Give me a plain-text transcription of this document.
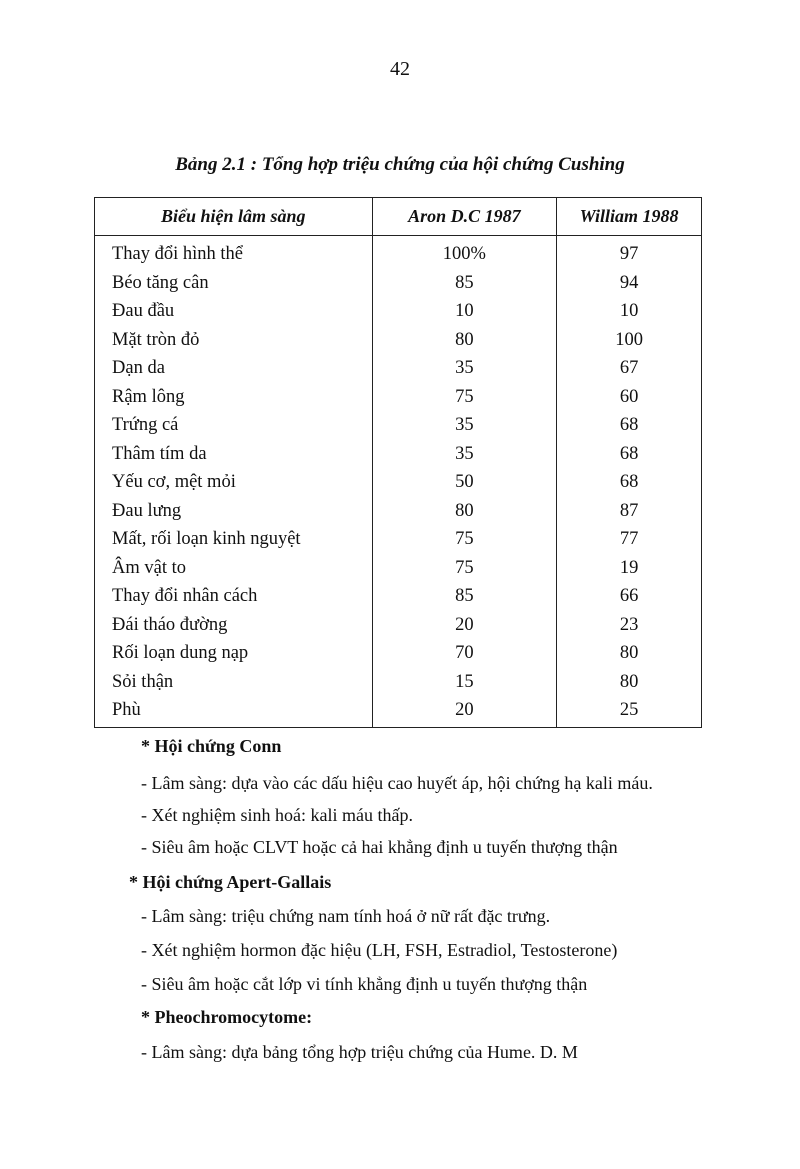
42
Bảng 2.1 : Tổng hợp triệu chứng của hội chứng Cushing
Biểu hiện lâm sàng	Aron D.C 1987	William 1988
Thay đổi hình thể	100%	97
Béo tăng cân	85	94
Đau đầu	10	10
Mặt tròn đỏ	80	100
Dạn da	35	67
Rậm lông	75	60
Trứng cá	35	68
Thâm tím da	35	68
Yếu cơ, mệt mỏi	50	68
Đau lưng	80	87
Mất, rối loạn kinh nguyệt	75	77
Âm vật to	75	19
Thay đổi nhân cách	85	66
Đái tháo đường	20	23
Rối loạn dung nạp	70	80
Sỏi thận	15	80
Phù	20	25
* Hội chứng Conn
- Lâm sàng: dựa vào các dấu hiệu cao huyết áp, hội chứng hạ kali máu.
- Xét nghiệm sinh hoá: kali máu thấp.
- Siêu âm hoặc CLVT hoặc cả hai khẳng định u tuyến thượng thận
* Hội chứng Apert-Gallais
- Lâm sàng: triệu chứng nam tính hoá ở nữ rất đặc trưng.
- Xét nghiệm hormon đặc hiệu (LH, FSH, Estradiol, Testosterone)
- Siêu âm hoặc cắt lớp vi tính khẳng định u tuyến thượng thận
* Pheochromocytome:
- Lâm sàng: dựa bảng tổng hợp triệu chứng của Hume. D. M
